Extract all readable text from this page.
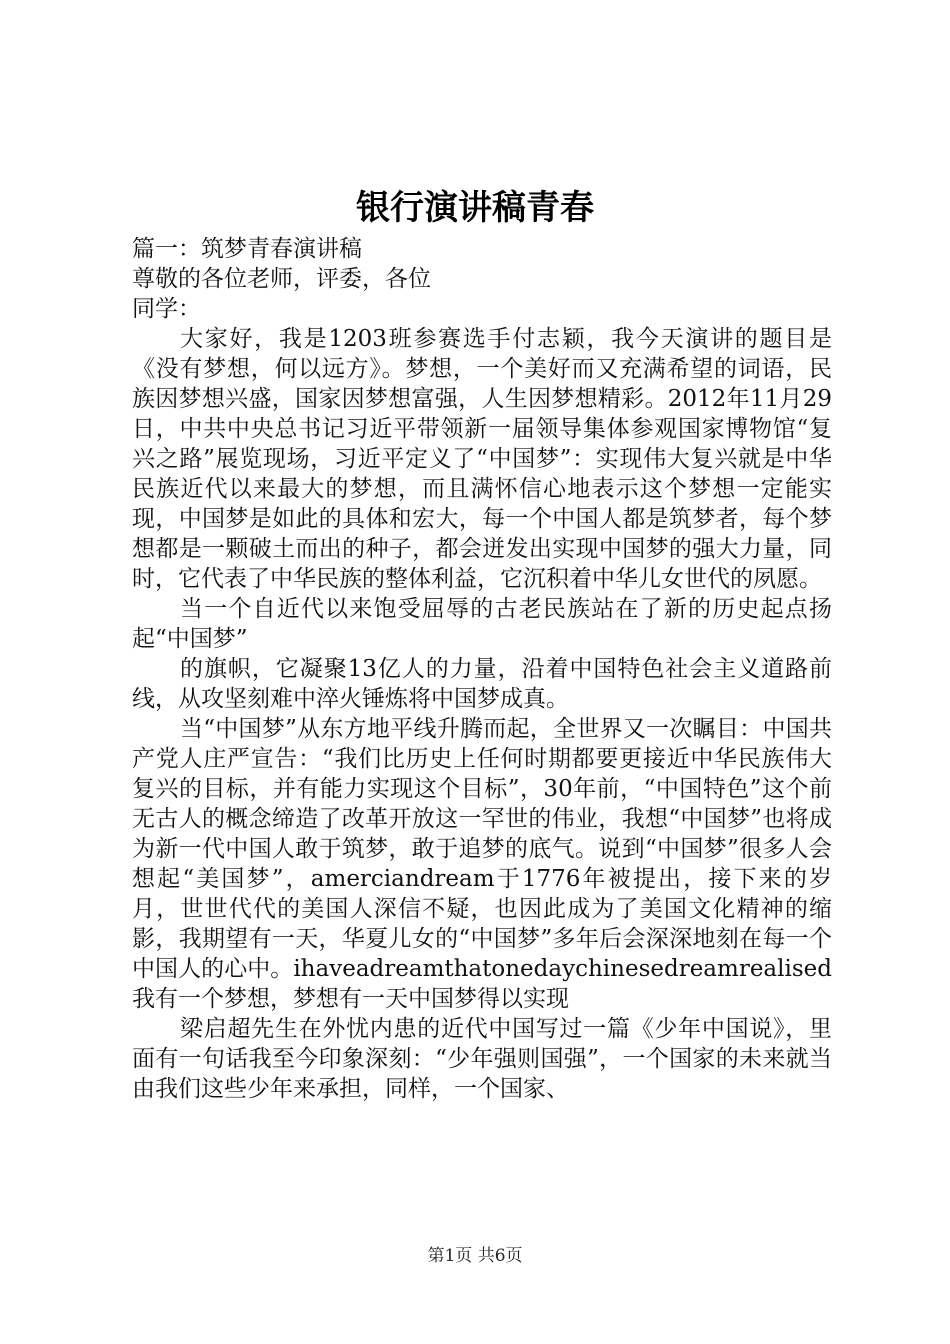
银行演讲稿青春

篇一：筑梦青春演讲稿

尊敬的各位老师，评委，各位

同学：

大家好，我是1203班参赛选手付志颖，我今天演讲的题目是《没有梦想，何以远方》。梦想，一个美好而又充满希望的词语，民族因梦想兴盛，国家因梦想富强，人生因梦想精彩。2012年11月29日，中共中央总书记习近平带领新一届领导集体参观国家博物馆“复兴之路”展览现场，习近平定义了“中国梦”：实现伟大复兴就是中华民族近代以来最大的梦想，而且满怀信心地表示这个梦想一定能实现，中国梦是如此的具体和宏大，每一个中国人都是筑梦者，每个梦想都是一颗破土而出的种子，都会迸发出实现中国梦的强大力量，同时，它代表了中华民族的整体利益，它沉积着中华儿女世代的夙愿。

当一个自近代以来饱受屈辱的古老民族站在了新的历史起点扬起“中国梦”

的旗帜，它凝聚13亿人的力量，沿着中国特色社会主义道路前线，从攻坚刻难中淬火锤炼将中国梦成真。

当“中国梦”从东方地平线升腾而起，全世界又一次瞩目：中国共产党人庄严宣告：“我们比历史上任何时期都要更接近中华民族伟大复兴的目标，并有能力实现这个目标”，30年前，“中国特色”这个前无古人的概念缔造了改革开放这一罕世的伟业，我想“中国梦”也将成为新一代中国人敢于筑梦，敢于追梦的底气。说到“中国梦”很多人会想起“美国梦”，amerciandream于1776年被提出，接下来的岁月，世世代代的美国人深信不疑，也因此成为了美国文化精神的缩影，我期望有一天，华夏儿女的“中国梦”多年后会深深地刻在每一个中国人的心中。ihaveadreamthatonedaychinesedreamrealised我有一个梦想，梦想有一天中国梦得以实现

梁启超先生在外忧内患的近代中国写过一篇《少年中国说》，里面有一句话我至今印象深刻：“少年强则国强”，一个国家的未来就当由我们这些少年来承担，同样，一个国家、

第1页 共6页
